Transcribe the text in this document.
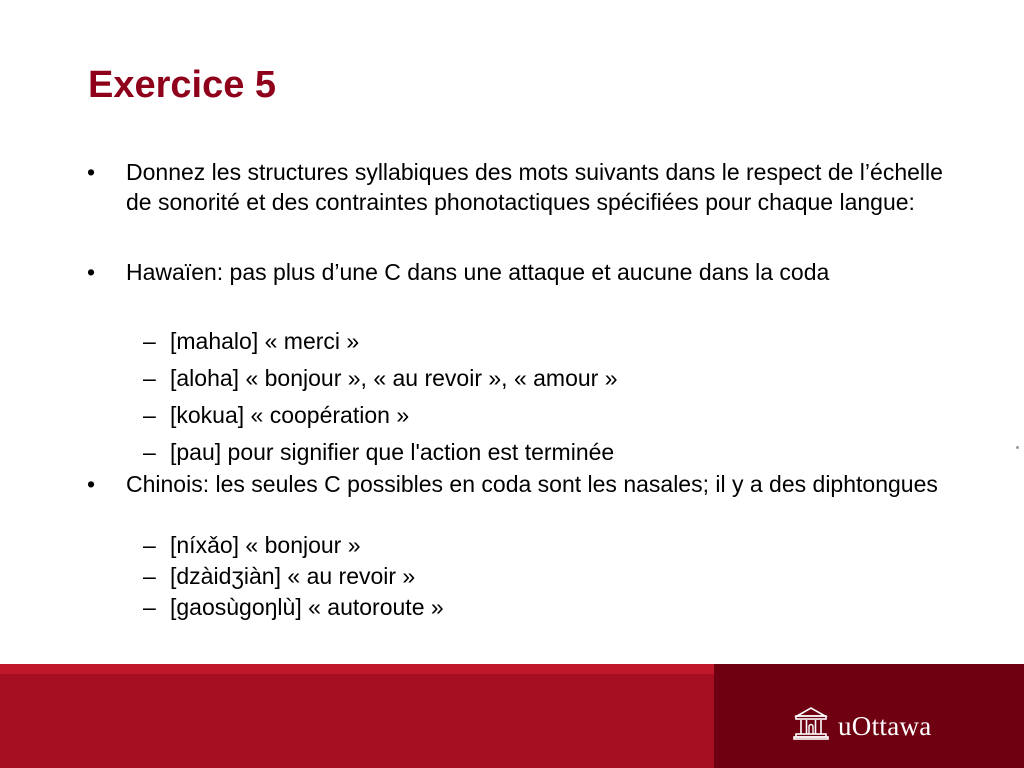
Exercice 5
• Donnez les structures syllabiques des mots suivants dans le respect de l’échelle de sonorité et des contraintes phonotactiques spécifiées pour chaque langue:
• Hawaïen: pas plus d’une C dans une attaque et aucune dans la coda
– [mahalo] « merci »
– [aloha] « bonjour », « au revoir », « amour »
– [kokua] « coopération »
– [pau] pour signifier que l'action est terminée
• Chinois: les seules C possibles en coda sont les nasales; il y a des diphtongues
– [níxǎo] « bonjour »
– [dzàidʒiàn] « au revoir »
– [gaosùgoŋlù] « autoroute »
uOttawa
